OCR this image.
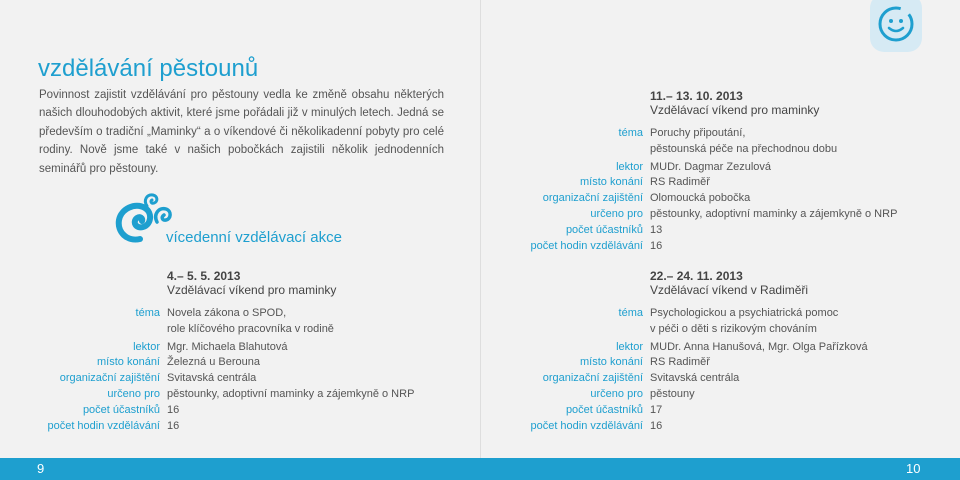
vzdělávání pěstounů

Povinnost zajistit vzdělávání pro pěstouny vedla ke změně obsahu některých našich dlouhodobých aktivit, které jsme pořádali již v minulých letech. Jedná se především o tradiční „Maminky“ a o víkendové či několikadenní pobyty pro celé rodiny. Nově jsme také v našich pobočkách zajistili několik jednodenních seminářů pro pěstouny.

vícedenní vzdělávací akce
11.– 13. 10. 2013
Vzdělávací víkend pro maminky
téma Poruchy připoutání,
pěstounská péče na přechodnou dobu
lektor MUDr. Dagmar Zezulová
místo konání RS Radiměř
organizační zajištění Olomoucká pobočka
určeno pro pěstounky, adoptivní maminky a zájemkyně o NRP
počet účastníků 13
počet hodin vzdělávání 16
4.– 5. 5. 2013
Vzdělávací víkend pro maminky
téma Novela zákona o SPOD,
role klíčového pracovníka v rodině
lektor Mgr. Michaela Blahutová
místo konání Železná u Berouna
organizační zajištění Svitavská centrála
určeno pro pěstounky, adoptivní maminky a zájemkyně o NRP
počet účastníků 16
počet hodin vzdělávání 16
22.– 24. 11. 2013
Vzdělávací víkend v Radiměři
téma Psychologickou a psychiatrická pomoc
v péči o děti s rizikovým chováním
lektor MUDr. Anna Hanušová, Mgr. Olga Pařízková
místo konání RS Radiměř
organizační zajištění Svitavská centrála
určeno pro pěstouny
počet účastníků 17
počet hodin vzdělávání 16
9	10
